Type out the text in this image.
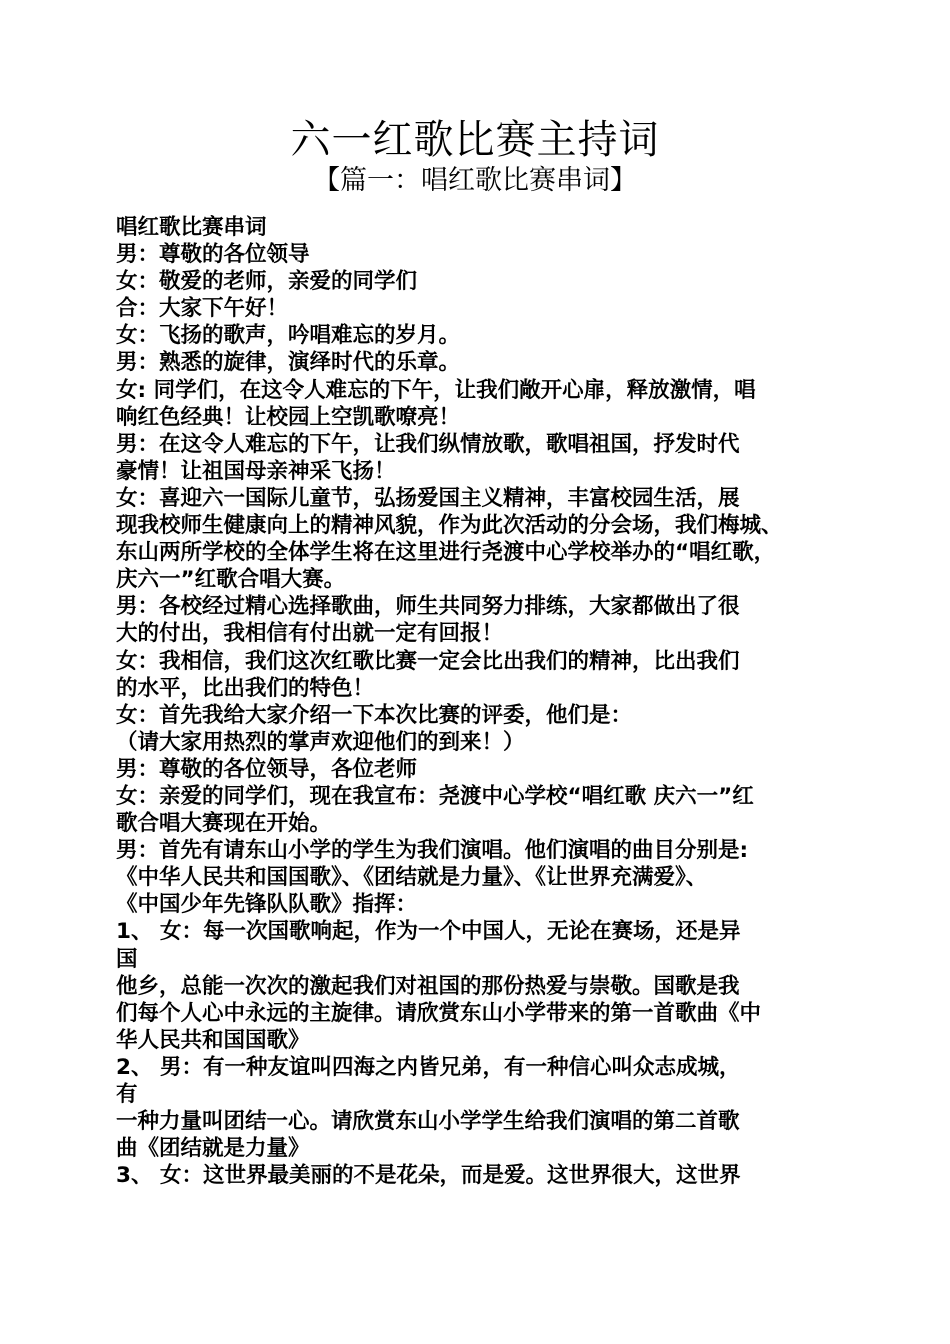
六一红歌比赛主持词
【篇一：唱红歌比赛串词】
唱红歌比赛串词
男：尊敬的各位领导
女：敬爱的老师，亲爱的同学们
合：大家下午好！
女：飞扬的歌声，吟唱难忘的岁月。
男：熟悉的旋律，演绎时代的乐章。
女: 同学们，在这令人难忘的下午，让我们敞开心扉，释放激情，唱
响红色经典！让校园上空凯歌嘹亮！
男：在这令人难忘的下午，让我们纵情放歌，歌唱祖国，抒发时代
豪情！让祖国母亲神采飞扬！
女：喜迎六一国际儿童节，弘扬爱国主义精神，丰富校园生活，展
现我校师生健康向上的精神风貌，作为此次活动的分会场，我们梅城、
东山两所学校的全体学生将在这里进行尧渡中心学校举办的“唱红歌，
庆六一”红歌合唱大赛。
男：各校经过精心选择歌曲，师生共同努力排练，大家都做出了很
大的付出，我相信有付出就一定有回报！
女：我相信，我们这次红歌比赛一定会比出我们的精神，比出我们
的水平，比出我们的特色！
女：首先我给大家介绍一下本次比赛的评委，他们是：
（请大家用热烈的掌声欢迎他们的到来！）
男：尊敬的各位领导，各位老师
女：亲爱的同学们，现在我宣布：尧渡中心学校“唱红歌 庆六一”红
歌合唱大赛现在开始。
男：首先有请东山小学的学生为我们演唱。他们演唱的曲目分别是:
《中华人民共和国国歌》、《团结就是力量》、《让世界充满爱》、
《中国少年先锋队队歌》指挥：
1、 女：每一次国歌响起，作为一个中国人，无论在赛场，还是异
国
他乡，总能一次次的激起我们对祖国的那份热爱与崇敬。国歌是我
们每个人心中永远的主旋律。请欣赏东山小学带来的第一首歌曲《中
华人民共和国国歌》
2、 男：有一种友谊叫四海之内皆兄弟，有一种信心叫众志成城，
有
一种力量叫团结一心。请欣赏东山小学学生给我们演唱的第二首歌
曲《团结就是力量》
3、 女：这世界最美丽的不是花朵，而是爱。这世界很大，这世界
